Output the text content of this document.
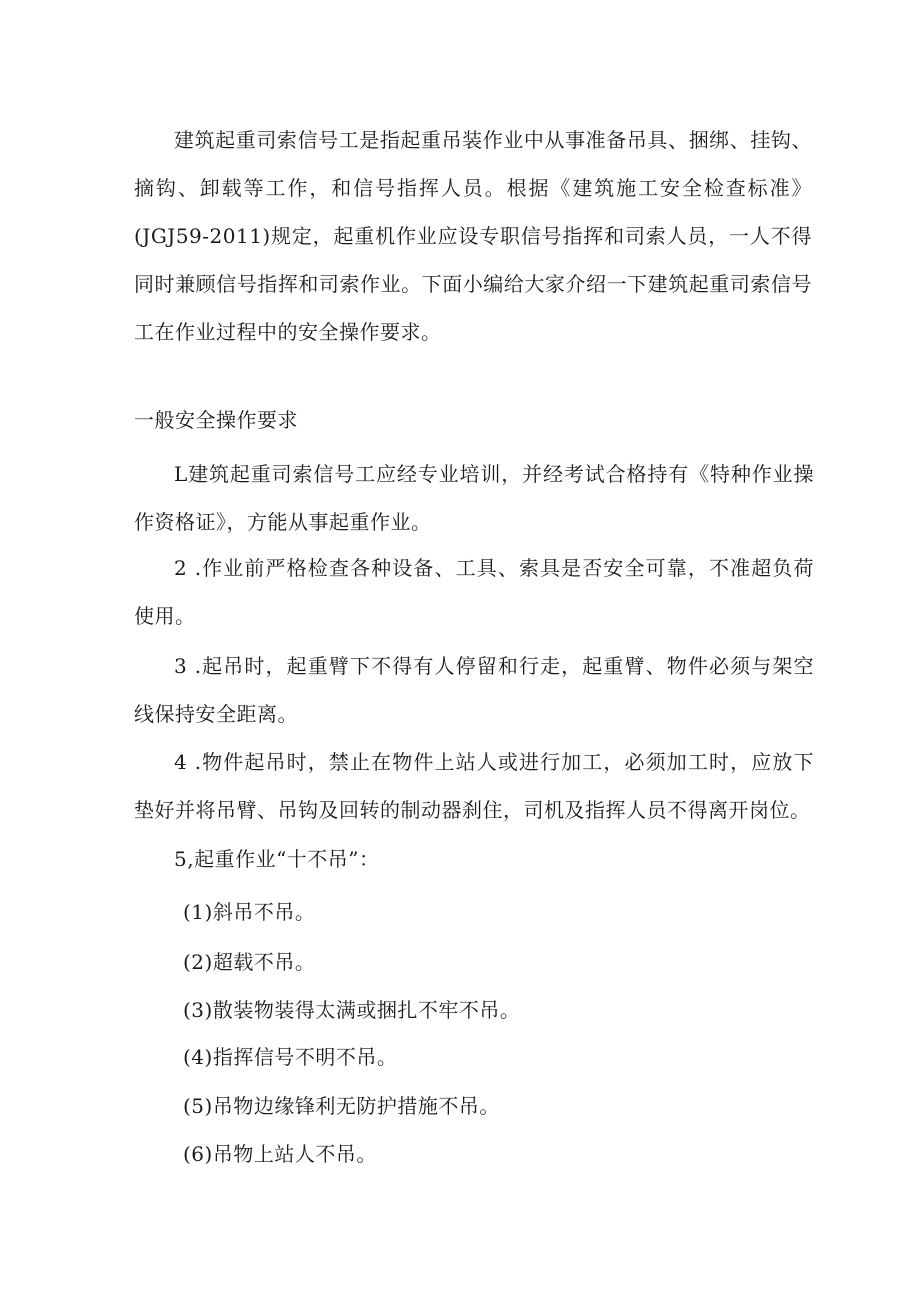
建筑起重司索信号工是指起重吊装作业中从事准备吊具、捆绑、挂钩、摘钩、卸载等工作，和信号指挥人员。根据《建筑施工安全检查标准》(JGJ59-2011)规定，起重机作业应设专职信号指挥和司索人员，一人不得同时兼顾信号指挥和司索作业。下面小编给大家介绍一下建筑起重司索信号工在作业过程中的安全操作要求。

一般安全操作要求

L建筑起重司索信号工应经专业培训，并经考试合格持有《特种作业操作资格证》，方能从事起重作业。

2 .作业前严格检查各种设备、工具、索具是否安全可靠，不准超负荷使用。

3 .起吊时，起重臂下不得有人停留和行走，起重臂、物件必须与架空线保持安全距离。

4 .物件起吊时，禁止在物件上站人或进行加工，必须加工时，应放下垫好并将吊臂、吊钩及回转的制动器刹住，司机及指挥人员不得离开岗位。

5,起重作业“十不吊”：

(1)斜吊不吊。

(2)超载不吊。

(3)散装物装得太满或捆扎不牢不吊。

(4)指挥信号不明不吊。

(5)吊物边缘锋利无防护措施不吊。

(6)吊物上站人不吊。
